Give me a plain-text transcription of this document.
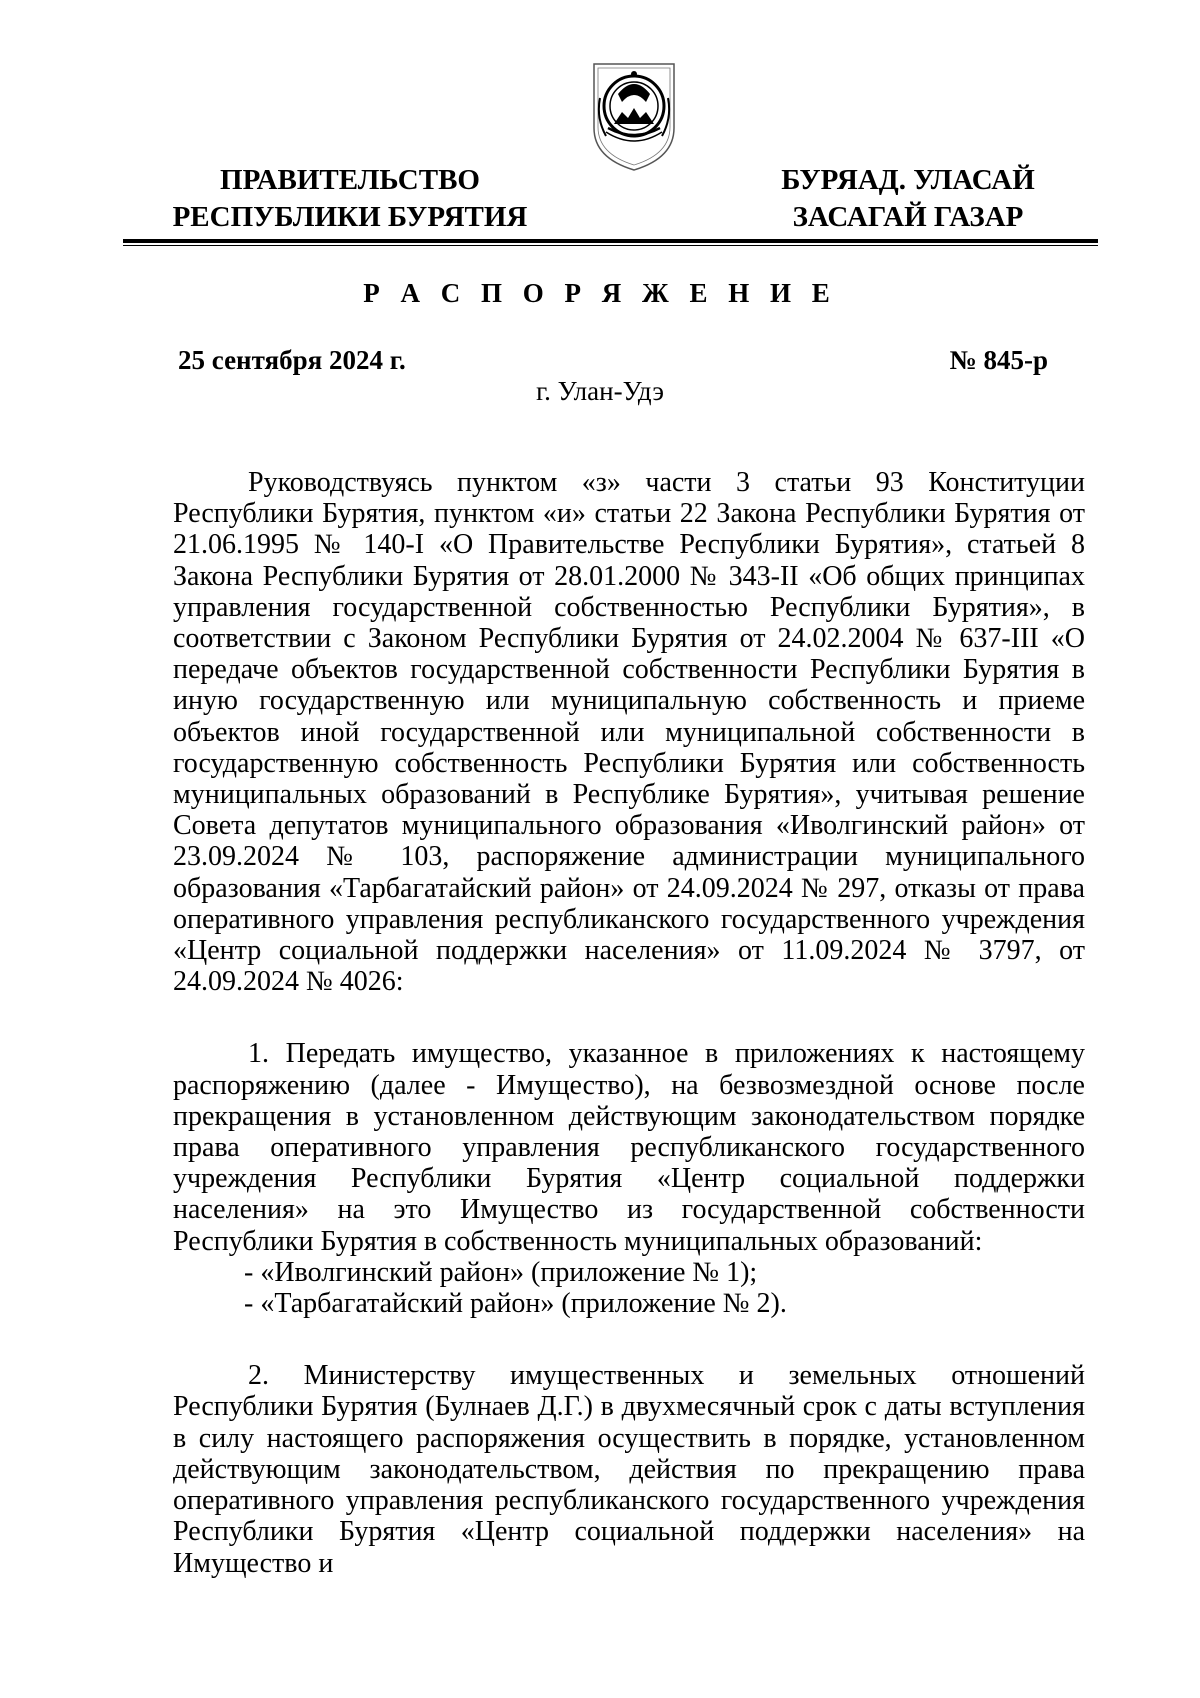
ПРАВИТЕЛЬСТВО
РЕСПУБЛИКИ БУРЯТИЯ
БУРЯАД. УЛАСАЙ
ЗАСАГАЙ ГАЗАР
Р А С П О Р Я Ж Е Н И Е
25 сентября 2024 г.	№ 845-р
г. Улан-Удэ

Руководствуясь пунктом «з» части 3 статьи 93 Конституции Республики Бурятия, пунктом «и» статьи 22 Закона Республики Бурятия от 21.06.1995 № 140-I «О Правительстве Республики Бурятия», статьей 8 Закона Республики Бурятия от 28.01.2000 № 343-II «Об общих принципах управления государственной собственностью Республики Бурятия», в соответствии с Законом Республики Бурятия от 24.02.2004 № 637-III «О передаче объектов государственной собственности Республики Бурятия в иную государственную или муниципальную собственность и приеме объектов иной государственной или муниципальной собственности в государственную собственность Республики Бурятия или собственность муниципальных образований в Республике Бурятия», учитывая решение Совета депутатов муниципального образования «Иволгинский район» от 23.09.2024 № 103, распоряжение администрации муниципального образования «Тарбагатайский район» от 24.09.2024 № 297, отказы от права оперативного управления республиканского государственного учреждения «Центр социальной поддержки населения» от 11.09.2024 № 3797, от 24.09.2024 № 4026:

1. Передать имущество, указанное в приложениях к настоящему распоряжению (далее - Имущество), на безвозмездной основе после прекращения в установленном действующим законодательством порядке права оперативного управления республиканского государственного учреждения Республики Бурятия «Центр социальной поддержки населения» на это Имущество из государственной собственности Республики Бурятия в собственность муниципальных образований:

- «Иволгинский район» (приложение № 1);
- «Тарбагатайский район» (приложение № 2).

2. Министерству имущественных и земельных отношений Республики Бурятия (Булнаев Д.Г.) в двухмесячный срок с даты вступления в силу настоящего распоряжения осуществить в порядке, установленном действующим законодательством, действия по прекращению права оперативного управления республиканского государственного учреждения Республики Бурятия «Центр социальной поддержки населения» на Имущество и
